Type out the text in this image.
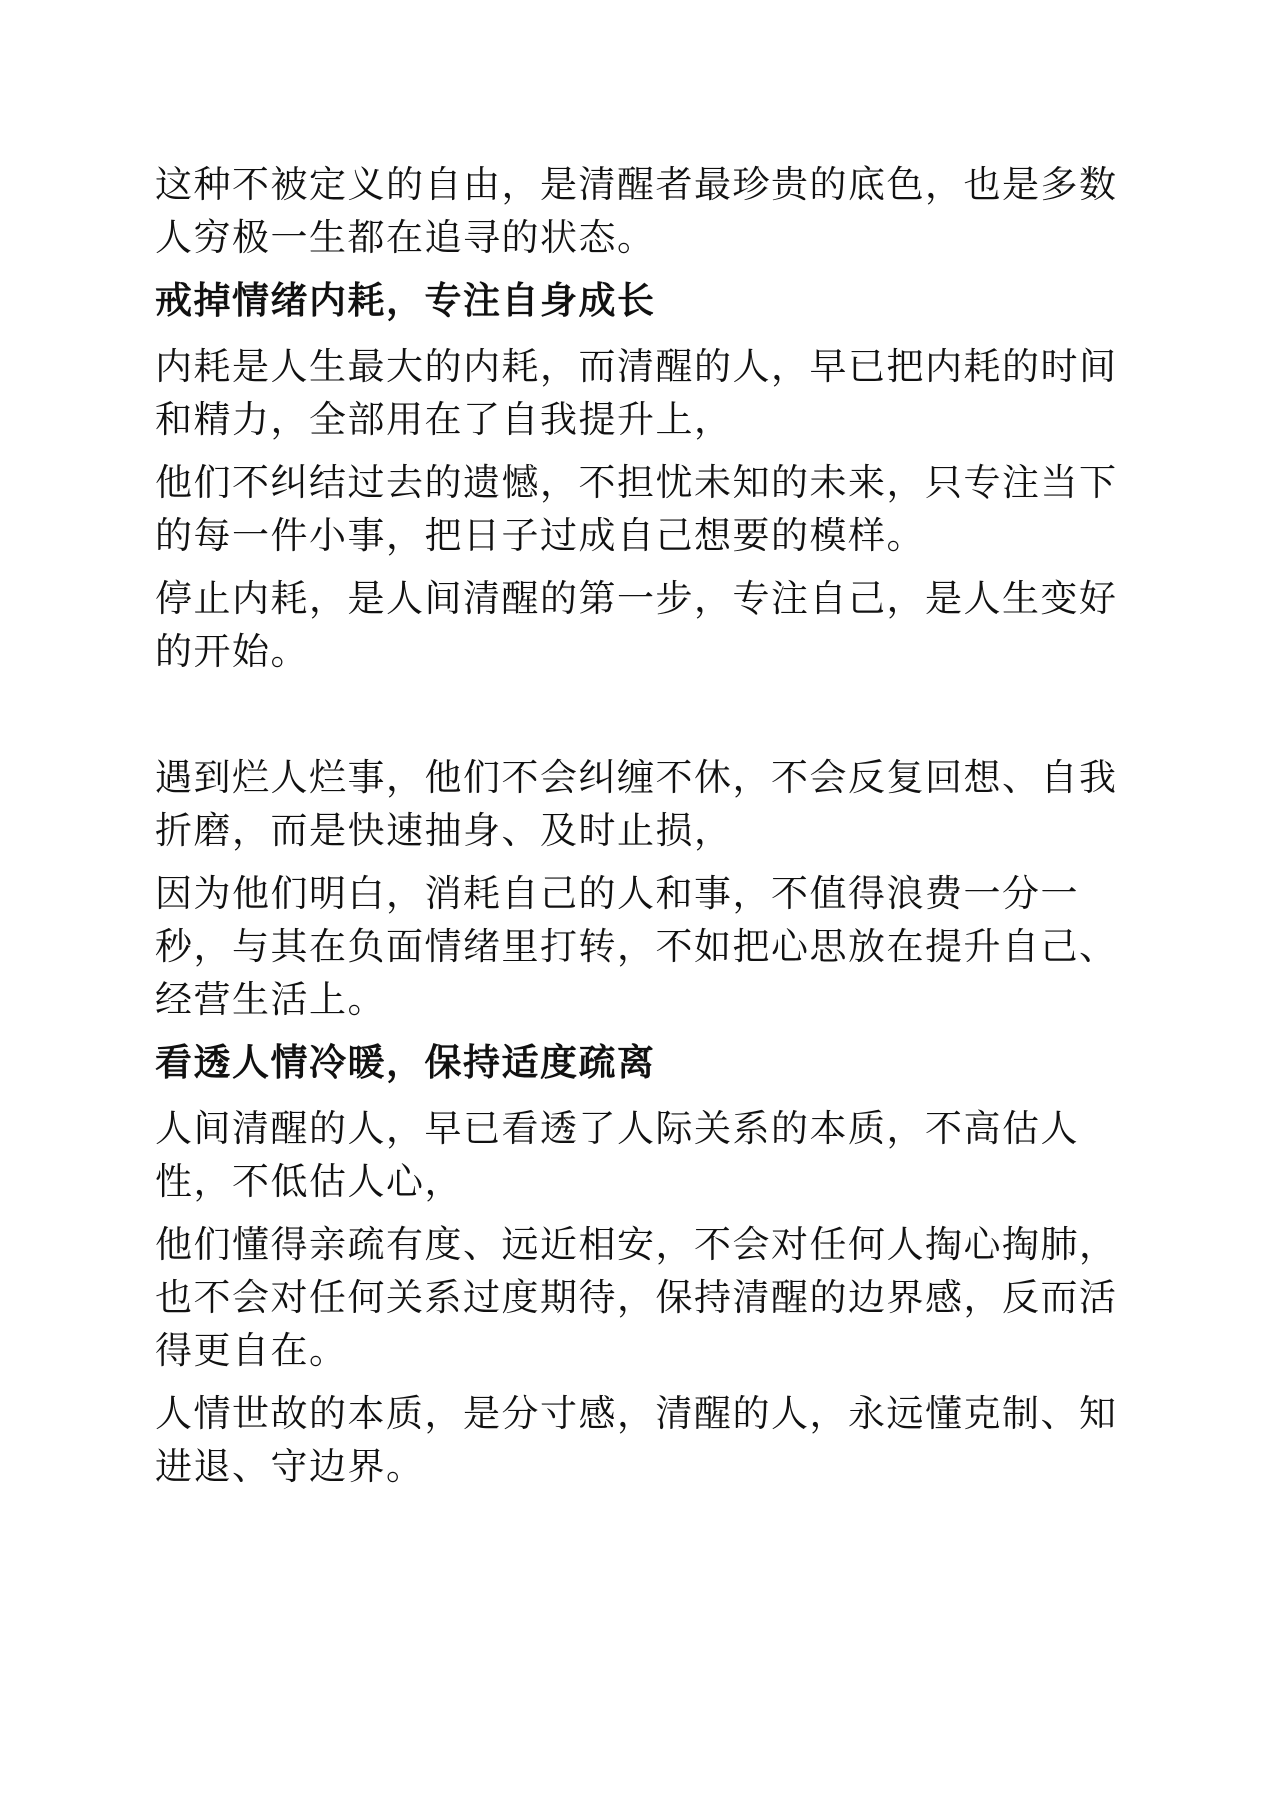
这种不被定义的自由，是清醒者最珍贵的底色，也是多数人穷极一生都在追寻的状态。

戒掉情绪内耗，专注自身成长

内耗是人生最大的内耗，而清醒的人，早已把内耗的时间和精力，全部用在了自我提升上，

他们不纠结过去的遗憾，不担忧未知的未来，只专注当下的每一件小事，把日子过成自己想要的模样。

停止内耗，是人间清醒的第一步，专注自己，是人生变好的开始。

遇到烂人烂事，他们不会纠缠不休，不会反复回想、自我折磨，而是快速抽身、及时止损，

因为他们明白，消耗自己的人和事，不值得浪费一分一秒，与其在负面情绪里打转，不如把心思放在提升自己、经营生活上。

看透人情冷暖，保持适度疏离

人间清醒的人，早已看透了人际关系的本质，不高估人性，不低估人心，

他们懂得亲疏有度、远近相安，不会对任何人掏心掏肺，也不会对任何关系过度期待，保持清醒的边界感，反而活得更自在。

人情世故的本质，是分寸感，清醒的人，永远懂克制、知进退、守边界。
